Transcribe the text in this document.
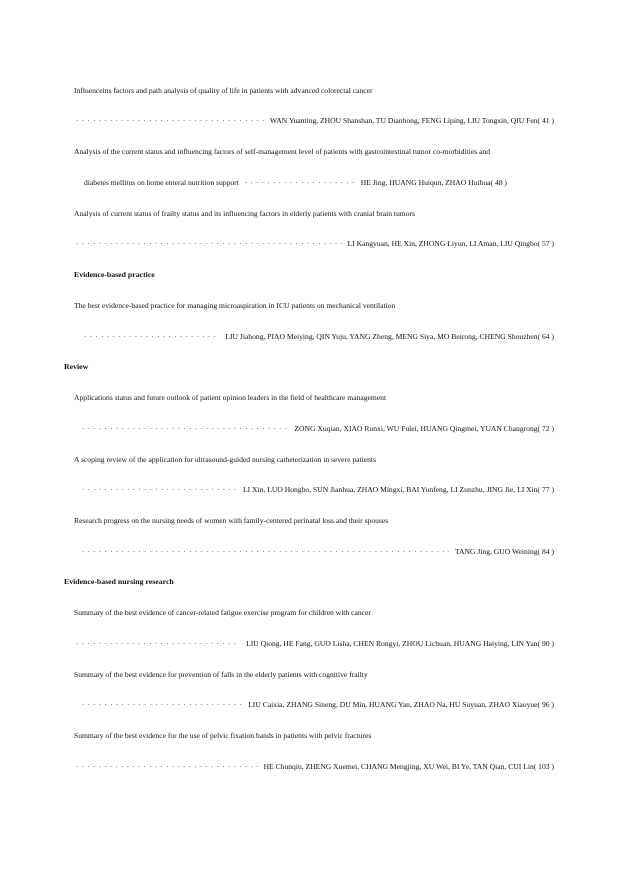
Influenceins factors and path analysis of quality of life in patients with advanced colorectal cancer
· · ·
WAN Yuanting, ZHOU Shanshan, TU Dianhong, FENG Liping, LIU Tongxin, QIU Fen( 41 )
Analysis of the current status and influencing factors of self-management level of patients with gastrointestinal tumor co-morbidities and
diabetes mellitus on home enteral nutrition support· · ·	HE Jing, HUANG Huiqun, ZHAO Huihua( 48 )
Analysis of current status of frailty status and its influencing factors in elderly patients with cranial brain tumors
· · ·
LI Kangyuan, HE Xin, ZHONG Liyun, LI Aman, LIU Qingbo( 57 )
Evidence-based practice
The best evidence-based practice for managing microaspiration in ICU patients on mechanical ventilation
· · ·
LIU Jiahong, PIAO Meiying, QIN Yuju, YANG Zheng, MENG Siya, MO Beirong, CHENG Shouzhen( 64 )
Review
Applications status and future outlook of patient opinion leaders in the field of healthcare management
· · ·
ZONG Xuqian, XIAO Runxi, WU Fulei, HUANG Qingmei, YUAN Changrong( 72 )
A scoping review of the application for ultrasound-guided nursing catheterization in severe patients
· · ·
LI Xin, LUO Hongbo, SUN Jianhua, ZHAO Mingxi, BAI Yunfeng, LI Zunzhu, JING Jie, LI Xin( 77 )
Research progress on the nursing needs of women with family-centered perinatal loss and their spouses
· · ·
TANG Jing, GUO Weining( 84 )
Evidence-based nursing research
Summary of the best evidence of cancer-related fatigue exercise program for children with cancer
· · ·
LIU Qiong, HE Fang, GUO Lisha, CHEN Rongyi, ZHOU Lichuan, HUANG Haiying, LIN Yan( 90 )
Summary of the best evidence for prevention of falls in the elderly patients with cognitive frailty
· · ·
LIU Caixia, ZHANG Sineng, DU Min, HUANG Yan, ZHAO Na, HU Suyuan, ZHAO Xiaoyue( 96 )
Summary of the best evidence for the use of pelvic fixation bands in patients with pelvic fractures
· · ·
HE Chunqiu, ZHENG Xuemei, CHANG Mengjing, XU Wei, BI Ye, TAN Qian, CUI Lin( 103 )
